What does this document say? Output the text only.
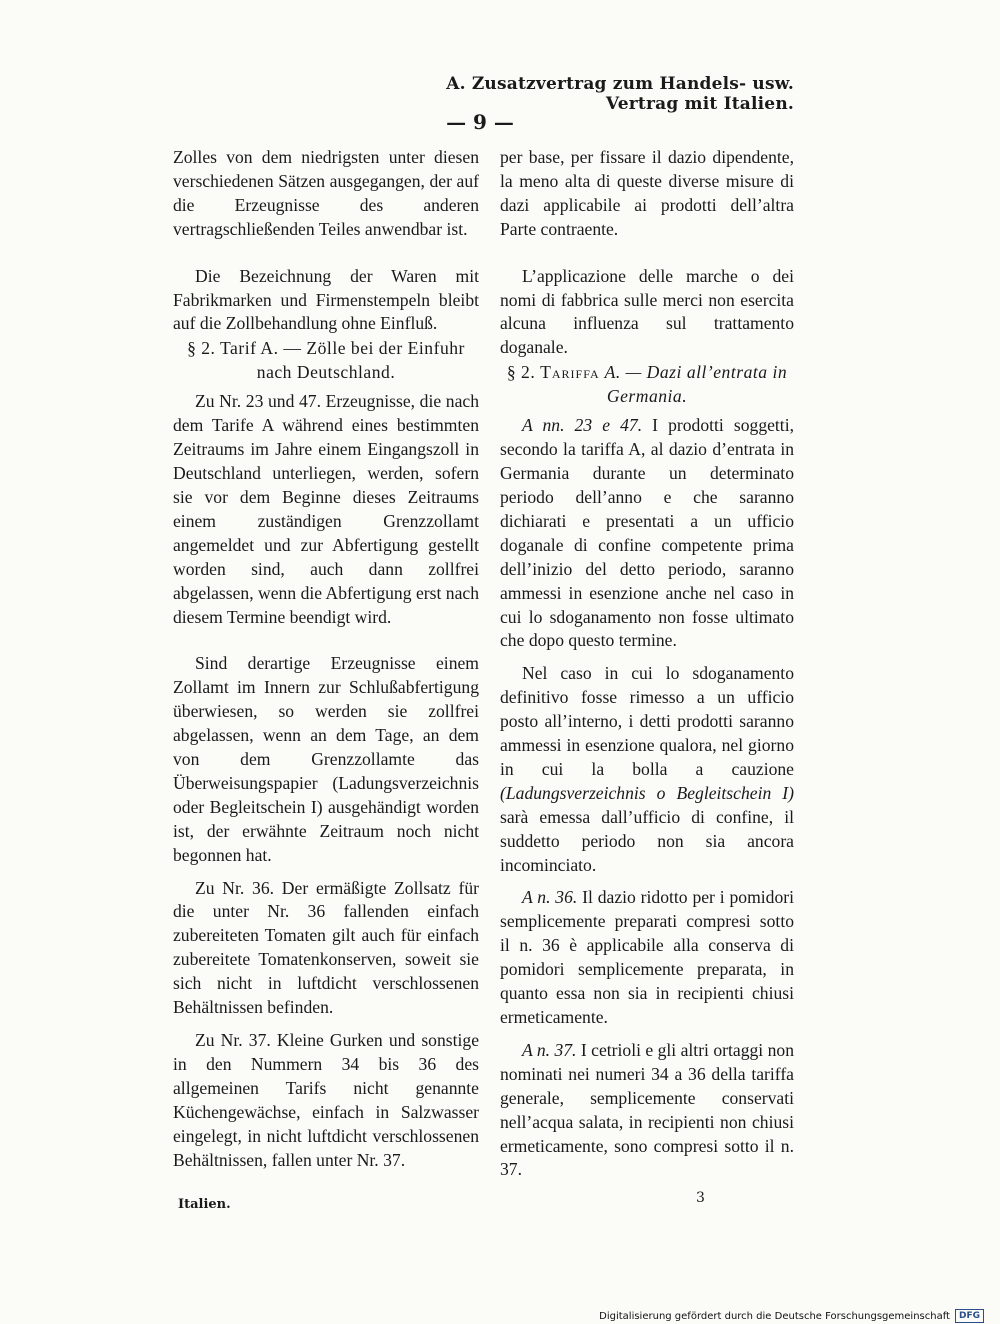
A. Zusatzvertrag zum Handels- usw. Vertrag mit Italien.
— 9 —

Zolles von dem niedrigsten unter diesen verschiedenen Sätzen ausgegangen, der auf die Erzeugnisse des anderen vertragschließenden Teiles anwendbar ist.

Die Bezeichnung der Waren mit Fabrikmarken und Firmenstempeln bleibt auf die Zollbehandlung ohne Einfluß.

§ 2. Tarif A. — Zölle bei der Einfuhr nach Deutschland.

Zu Nr. 23 und 47. Erzeugnisse, die nach dem Tarife A während eines bestimmten Zeitraums im Jahre einem Eingangszoll in Deutschland unterliegen, werden, sofern sie vor dem Beginne dieses Zeitraums einem zuständigen Grenzzollamt angemeldet und zur Abfertigung gestellt worden sind, auch dann zollfrei abgelassen, wenn die Abfertigung erst nach diesem Termine beendigt wird.

Sind derartige Erzeugnisse einem Zollamt im Innern zur Schlußabfertigung überwiesen, so werden sie zollfrei abgelassen, wenn an dem Tage, an dem von dem Grenzzollamte das Überweisungspapier (Ladungsverzeichnis oder Begleitschein I) ausgehändigt worden ist, der erwähnte Zeitraum noch nicht begonnen hat.

Zu Nr. 36. Der ermäßigte Zollsatz für die unter Nr. 36 fallenden einfach zubereiteten Tomaten gilt auch für einfach zubereitete Tomatenkonserven, soweit sie sich nicht in luftdicht verschlossenen Behältnissen befinden.

Zu Nr. 37. Kleine Gurken und sonstige in den Nummern 34 bis 36 des allgemeinen Tarifs nicht genannte Küchengewächse, einfach in Salzwasser eingelegt, in nicht luftdicht verschlossenen Behältnissen, fallen unter Nr. 37.

per base, per fissare il dazio dipendente, la meno alta di queste diverse misure di dazi applicabile ai prodotti dell’altra Parte contraente.

L’applicazione delle marche o dei nomi di fabbrica sulle merci non esercita alcuna influenza sul trattamento doganale.

§ 2. Tariffa A. — Dazi all’entrata in Germania.

A nn. 23 e 47. I prodotti soggetti, secondo la tariffa A, al dazio d’entrata in Germania durante un determinato periodo dell’anno e che saranno dichiarati e presentati a un ufficio doganale di confine competente prima dell’inizio del detto periodo, saranno ammessi in esenzione anche nel caso in cui lo sdoganamento non fosse ultimato che dopo questo termine.

Nel caso in cui lo sdoganamento definitivo fosse rimesso a un ufficio posto all’interno, i detti prodotti saranno ammessi in esenzione qualora, nel giorno in cui la bolla a cauzione (Ladungsverzeichnis o Begleitschein I) sarà emessa dall’ufficio di confine, il suddetto periodo non sia ancora incominciato.

A n. 36. Il dazio ridotto per i pomidori semplicemente preparati compresi sotto il n. 36 è applicabile alla conserva di pomidori semplicemente preparata, in quanto essa non sia in recipienti chiusi ermeticamente.

A n. 37. I cetrioli e gli altri ortaggi non nominati nei numeri 34 a 36 della tariffa generale, semplicemente conservati nell’acqua salata, in recipienti non chiusi ermeticamente, sono compresi sotto il n. 37.

Italien.	3
Digitalisierung gefördert durch die Deutsche Forschungsgemeinschaft	DFG
